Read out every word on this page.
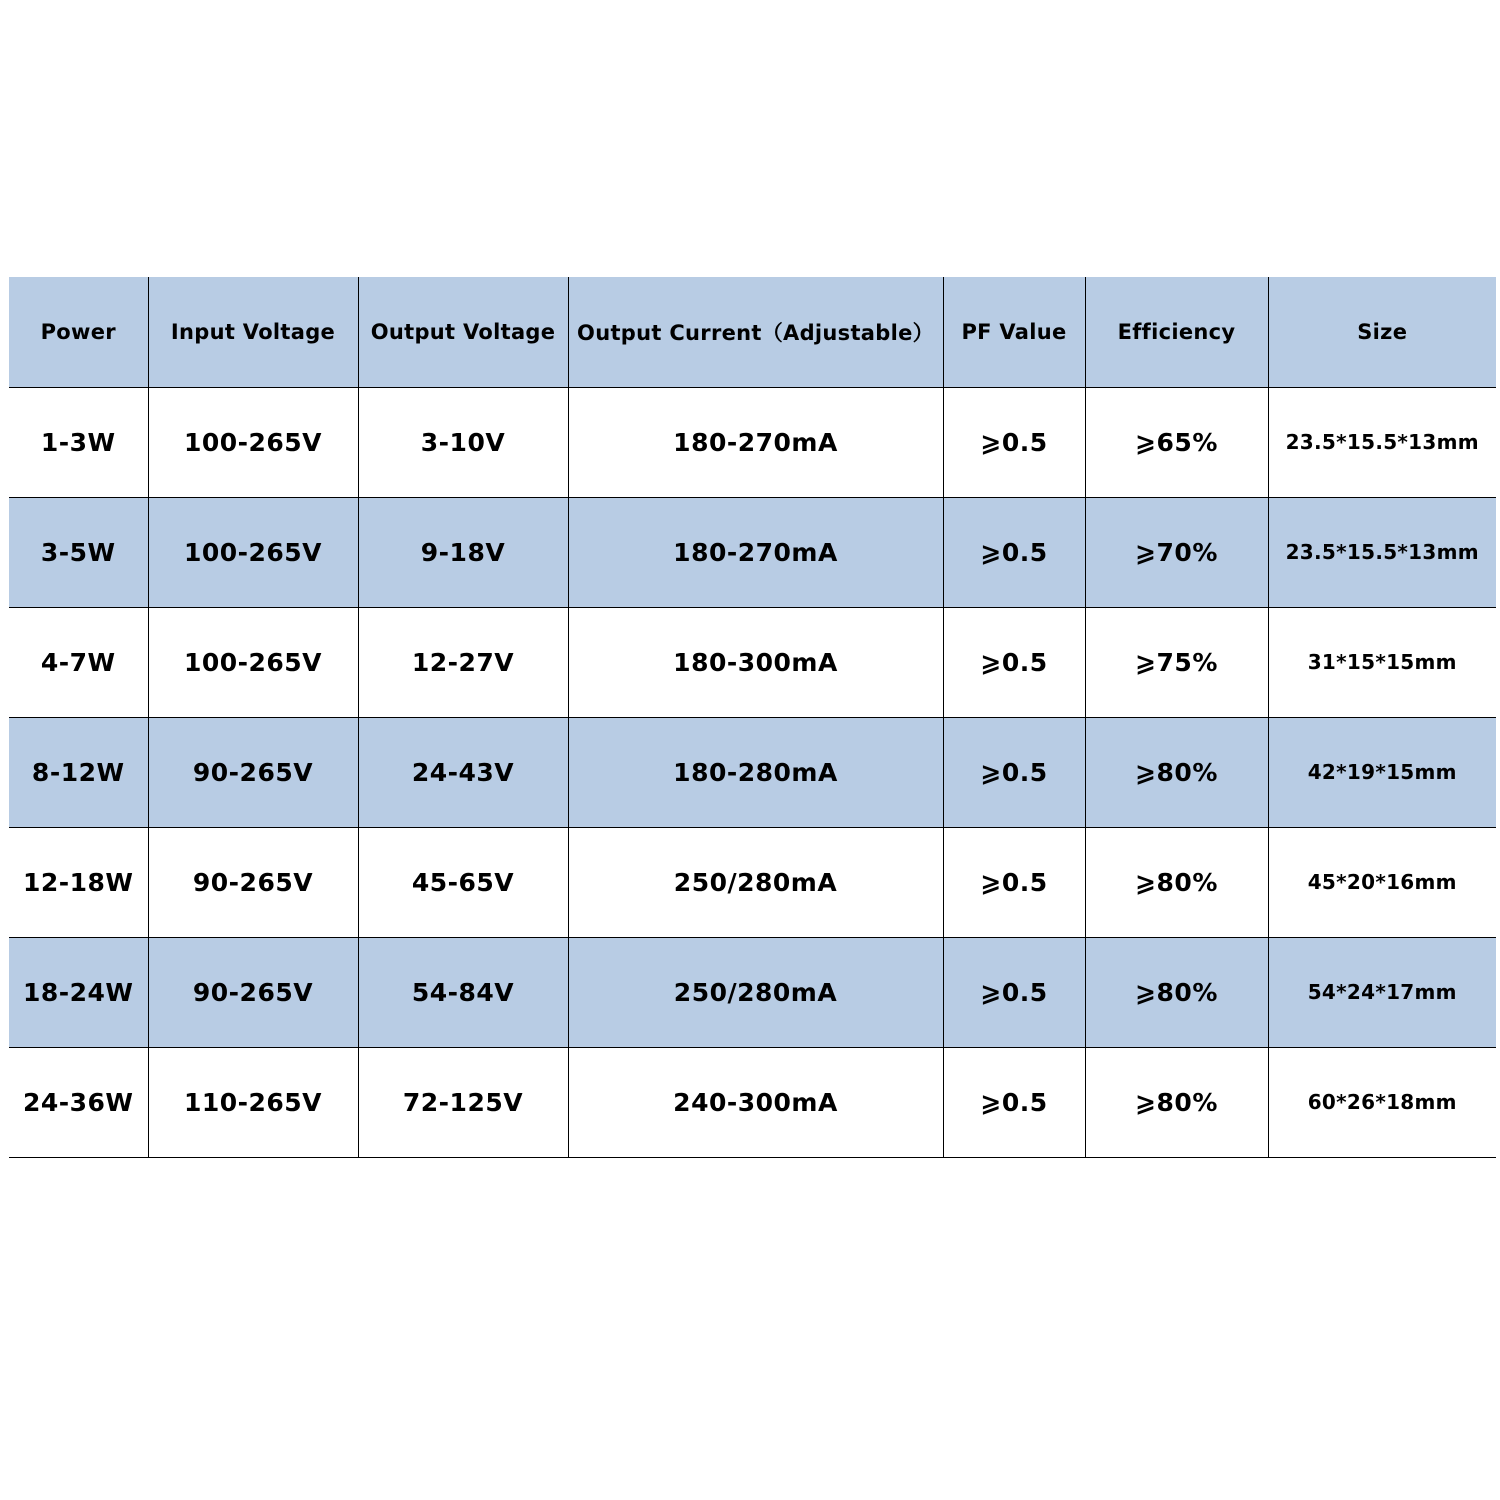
Power	Input Voltage	Output Voltage	Output Current（Adjustable）	PF Value	Efficiency	Size
1-3W	100-265V	3-10V	180-270mA	⩾0.5	⩾65%	23.5*15.5*13mm
3-5W	100-265V	9-18V	180-270mA	⩾0.5	⩾70%	23.5*15.5*13mm
4-7W	100-265V	12-27V	180-300mA	⩾0.5	⩾75%	31*15*15mm
8-12W	90-265V	24-43V	180-280mA	⩾0.5	⩾80%	42*19*15mm
12-18W	90-265V	45-65V	250/280mA	⩾0.5	⩾80%	45*20*16mm
18-24W	90-265V	54-84V	250/280mA	⩾0.5	⩾80%	54*24*17mm
24-36W	110-265V	72-125V	240-300mA	⩾0.5	⩾80%	60*26*18mm
